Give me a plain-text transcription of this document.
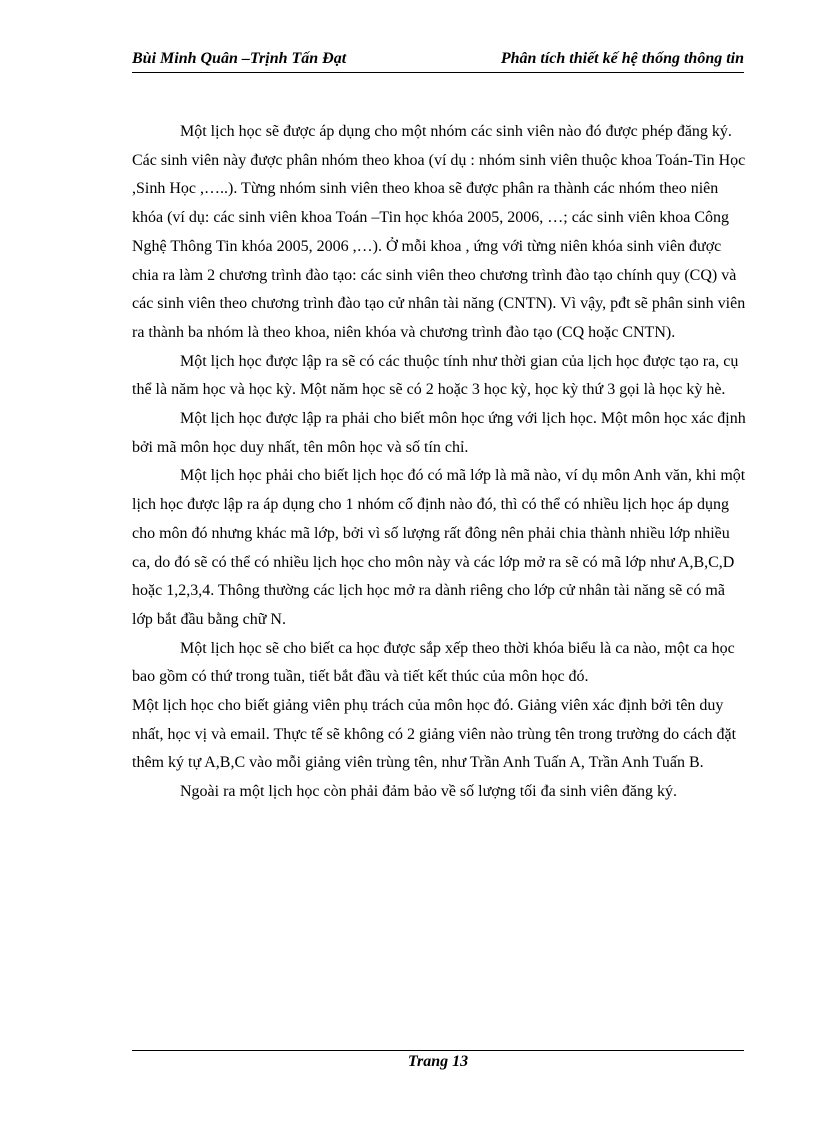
Bùi Minh Quân –Trịnh Tấn Đạt	Phân tích thiết kế hệ thống thông tin

Một lịch học sẽ được áp dụng cho một nhóm các sinh viên nào đó được phép đăng ký. Các sinh viên này được phân nhóm theo khoa (ví dụ : nhóm sinh viên thuộc khoa Toán-Tin Học ,Sinh Học ,…..). Từng nhóm sinh viên theo khoa sẽ được phân ra thành các nhóm theo niên khóa (ví dụ: các sinh viên khoa Toán –Tin học khóa 2005, 2006, …; các sinh viên khoa Công Nghệ Thông Tin khóa 2005, 2006 ,…). Ở mỗi khoa , ứng với từng niên khóa sinh viên được chia ra làm 2 chương trình đào tạo: các sinh viên theo chương trình đào tạo chính quy (CQ) và các sinh viên theo chương trình đào tạo cử nhân tài năng (CNTN). Vì vậy, pđt sẽ phân sinh viên ra thành ba nhóm là theo khoa, niên khóa và chương trình đào tạo (CQ hoặc CNTN).

Một lịch học được lập ra sẽ có các thuộc tính như thời gian của lịch học được tạo ra, cụ thể là năm học và học kỳ. Một năm học sẽ có 2 hoặc 3 học kỳ, học kỳ thứ 3 gọi là học kỳ hè.

Một lịch học được lập ra phải cho biết môn học ứng với lịch học. Một môn học xác định bởi mã môn học duy nhất, tên môn học và số tín chỉ.

Một lịch học phải cho biết lịch học đó có mã lớp là mã nào, ví dụ môn Anh văn, khi một lịch học được lập ra áp dụng cho 1 nhóm cố định nào đó, thì có thể có nhiều lịch học áp dụng cho môn đó nhưng khác mã lớp, bởi vì số lượng rất đông nên phải chia thành nhiều lớp nhiều ca, do đó sẽ có thể có nhiều lịch học cho môn này và các lớp mở ra sẽ có mã lớp như A,B,C,D hoặc 1,2,3,4. Thông thường các lịch học mở ra dành riêng cho lớp cử nhân tài năng sẽ có mã lớp bắt đầu bằng chữ N.

Một lịch học sẽ cho biết ca học được sắp xếp theo thời khóa biểu là ca nào, một ca học bao gồm có thứ trong tuần, tiết bắt đầu và tiết kết thúc của môn học đó.

Một lịch học cho biết giảng viên phụ trách của môn học đó. Giảng viên xác định bởi tên duy nhất, học vị và email. Thực tế sẽ không có 2 giảng viên nào trùng tên trong trường do cách đặt thêm ký tự A,B,C vào mỗi giảng viên trùng tên, như Trần Anh Tuấn A, Trần Anh Tuấn B.

Ngoài ra một lịch học còn phải đảm bảo về số lượng tối đa sinh viên đăng ký.

Trang 13
